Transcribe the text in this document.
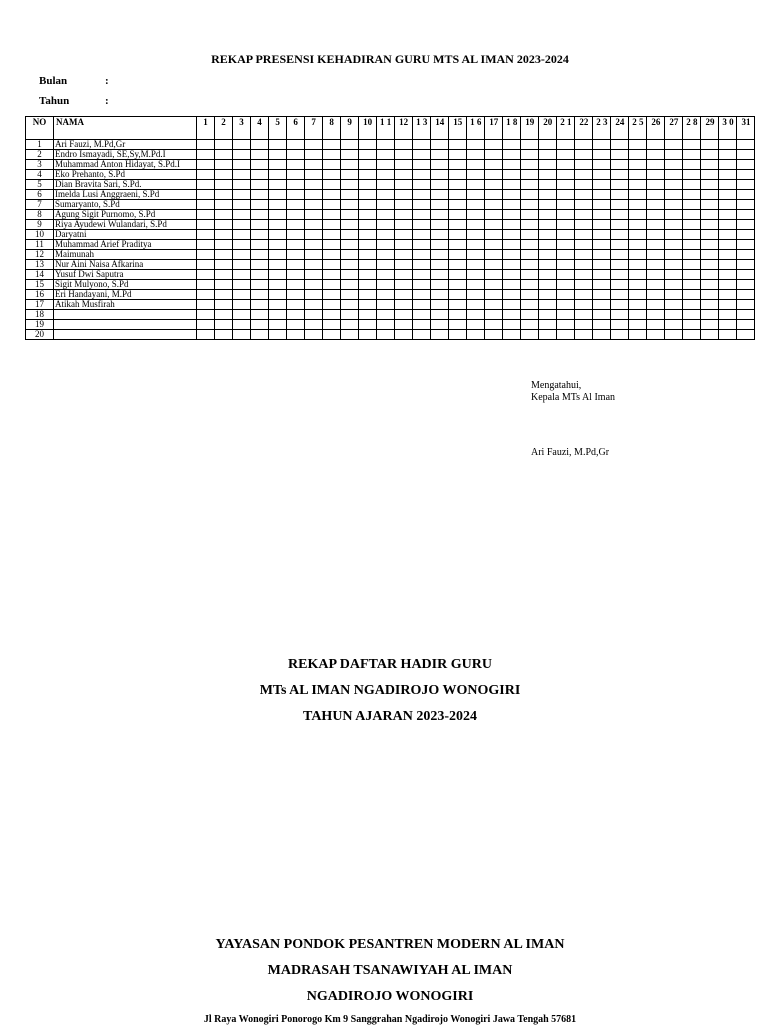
REKAP PRESENSI KEHADIRAN GURU MTS AL IMAN 2023-2024
Bulan	:
Tahun	:
NO	NAMA	1	2	3	4	5	6	7	8	9	10	1 1	12	1 3	14	15	1 6	17	1 8	19	20	2 1	22	2 3	24	2 5	26	27	2 8	29	3 0	31
1	Ari Fauzi, M.Pd,Gr																															
2	Endro Ismayadi, SE,Sy,M.Pd.I																															
3	Muhammad Anton Hidayat, S.Pd.I																															
4	Eko Prehanto, S.Pd																															
5	Dian Bravita Sari, S.Pd.																															
6	Imelda Lusi Anggraeni, S.Pd																															
7	Sumaryanto, S.Pd																															
8	Agung Sigit Purnomo, S.Pd																															
9	Riya Ayudewi Wulandari, S.Pd																															
10	Daryatni																															
11	Muhammad Arief Praditya																															
12	Maimunah																															
13	Nur Aini Naisa Afkarina																															
14	Yusuf Dwi Saputra																															
15	Sigit Mulyono, S.Pd																															
16	Eri Handayani, M.Pd																															
17	Atikah Musfirah																															
18																																
19																																
20																																
Mengatahui,
Kepala MTs Al Iman
Ari Fauzi, M.Pd,Gr
REKAP DAFTAR HADIR GURU
MTs AL IMAN NGADIROJO WONOGIRI
TAHUN AJARAN 2023-2024
YAYASAN PONDOK PESANTREN MODERN AL IMAN
MADRASAH TSANAWIYAH AL IMAN
NGADIROJO WONOGIRI
Jl Raya Wonogiri Ponorogo Km 9 Sanggrahan Ngadirojo Wonogiri Jawa Tengah 57681
